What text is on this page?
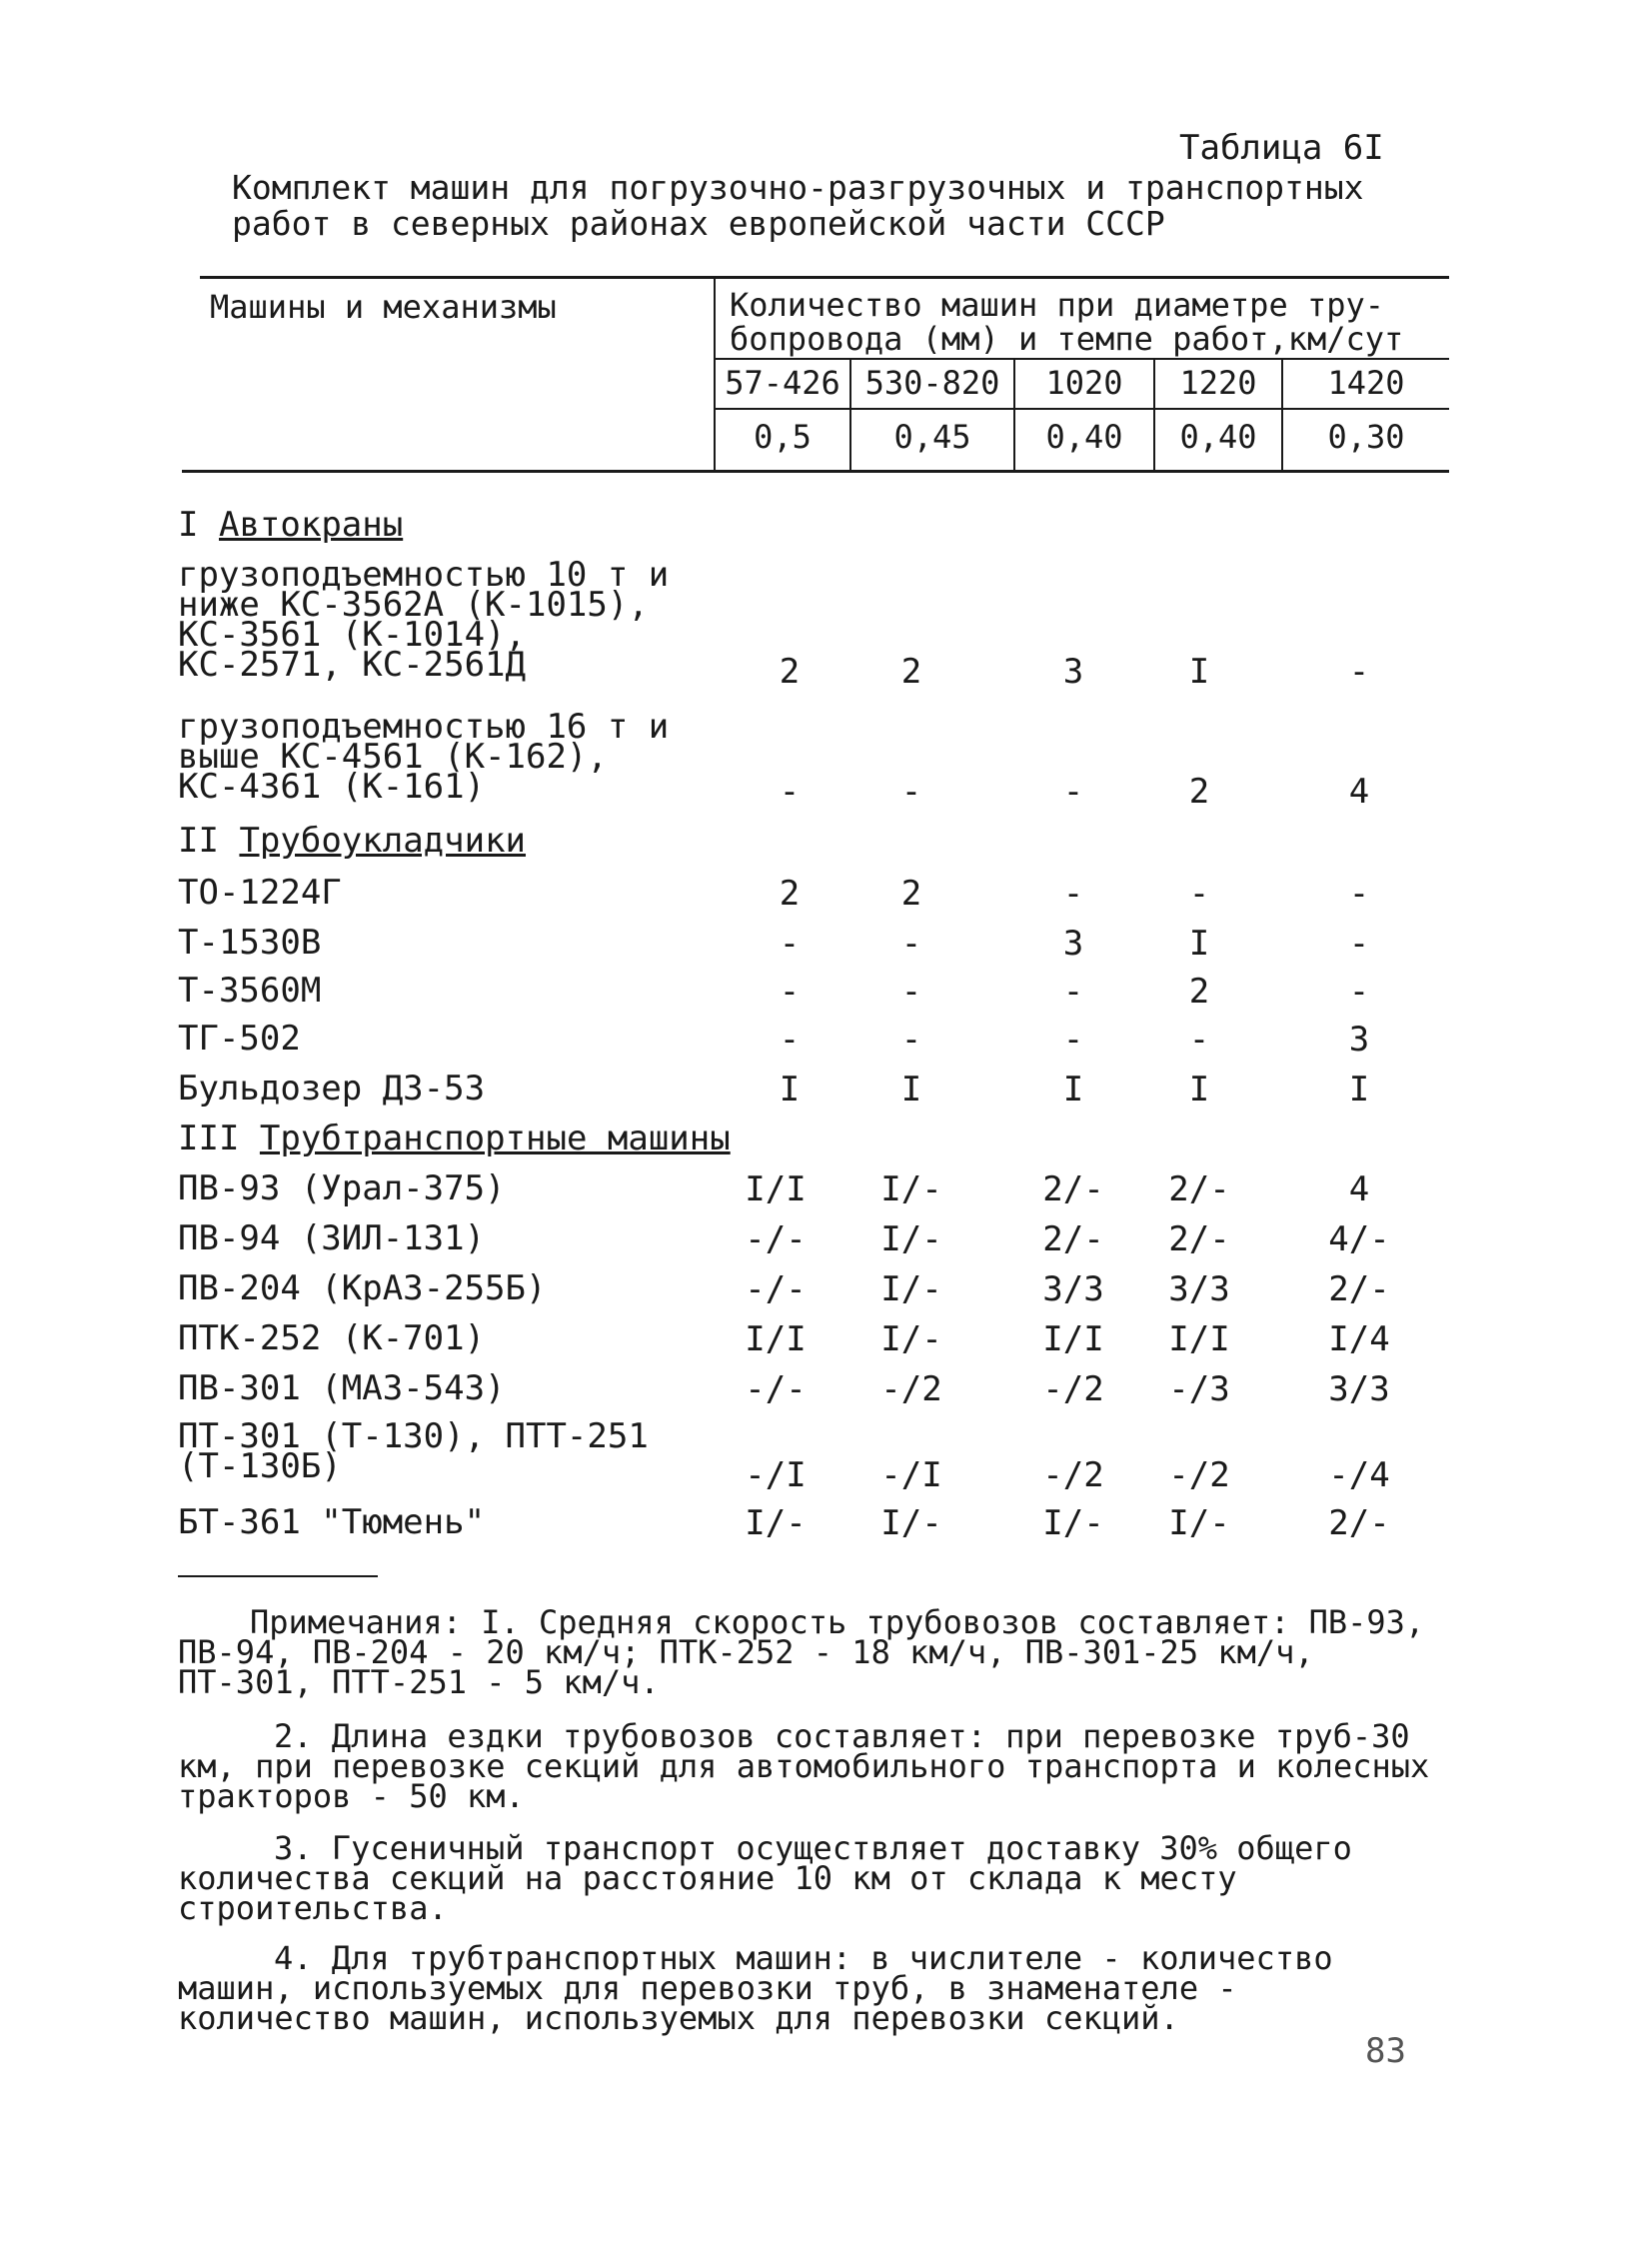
Таблица 6I
Комплект машин для погрузочно-разгрузочных и транспортных
работ в северных районах европейской части СССР
Машины и механизмы	Количество машин при диаметре тру-
бопровода (мм) и темпе работ,км/сут
57-426 530-820	1020	1220	1420
0,5	0,45	0,40	0,40	0,30
I Автокраны
грузоподъемностью 10 т и ниже КС-3562А (К-1015), КС-3561 (К-1014), КС-2571, КС-2561Д	2	2	3	I	-
грузоподъемностью 16 т и выше КС-4561 (К-162), КС-4361 (К-161)	-	-	-	2	4
II Трубоукладчики
ТО-1224Г	2	2	-	-	-
Т-1530В	-	-	3	I	-
Т-3560М	-	-	-	2	-
ТГ-502	-	-	-	-	3
Бульдозер ДЗ-53	I	I	I	I	I
III Трубтранспортные машины
ПВ-93 (Урал-375)	I/I	I/-	2/-	2/-	4
ПВ-94 (ЗИЛ-131)	-/-	I/-	2/-	2/-	4/-
ПВ-204 (КрАЗ-255Б)	-/-	I/-	3/3	3/3	2/-
ПТК-252 (К-701)	I/I	I/-	I/I	I/I	I/4
ПВ-301 (МАЗ-543)	-/-	-/2	-/2	-/3	3/3
ПТ-301 (Т-130), ПТТ-251 (Т-130Б)	-/I	-/I	-/2	-/2	-/4
БТ-361 "Тюмень"	I/-	I/-	I/-	I/-	2/-
Примечания: I. Средняя скорость трубовозов составляет: ПВ-93, ПВ-94, ПВ-204 - 20 км/ч; ПТК-252 - 18 км/ч, ПВ-301-25 км/ч, ПТ-301, ПТТ-251 - 5 км/ч.
2. Длина ездки трубовозов составляет: при перевозке труб-30 км, при перевозке секций для автомобильного транспорта и колесных тракторов - 50 км.
3. Гусеничный транспорт осуществляет доставку 30% общего количества секций на расстояние 10 км от склада к месту строительства.
4. Для трубтранспортных машин: в числителе - количество машин, используемых для перевозки труб, в знаменателе - количество машин, используемых для перевозки секций.
83
